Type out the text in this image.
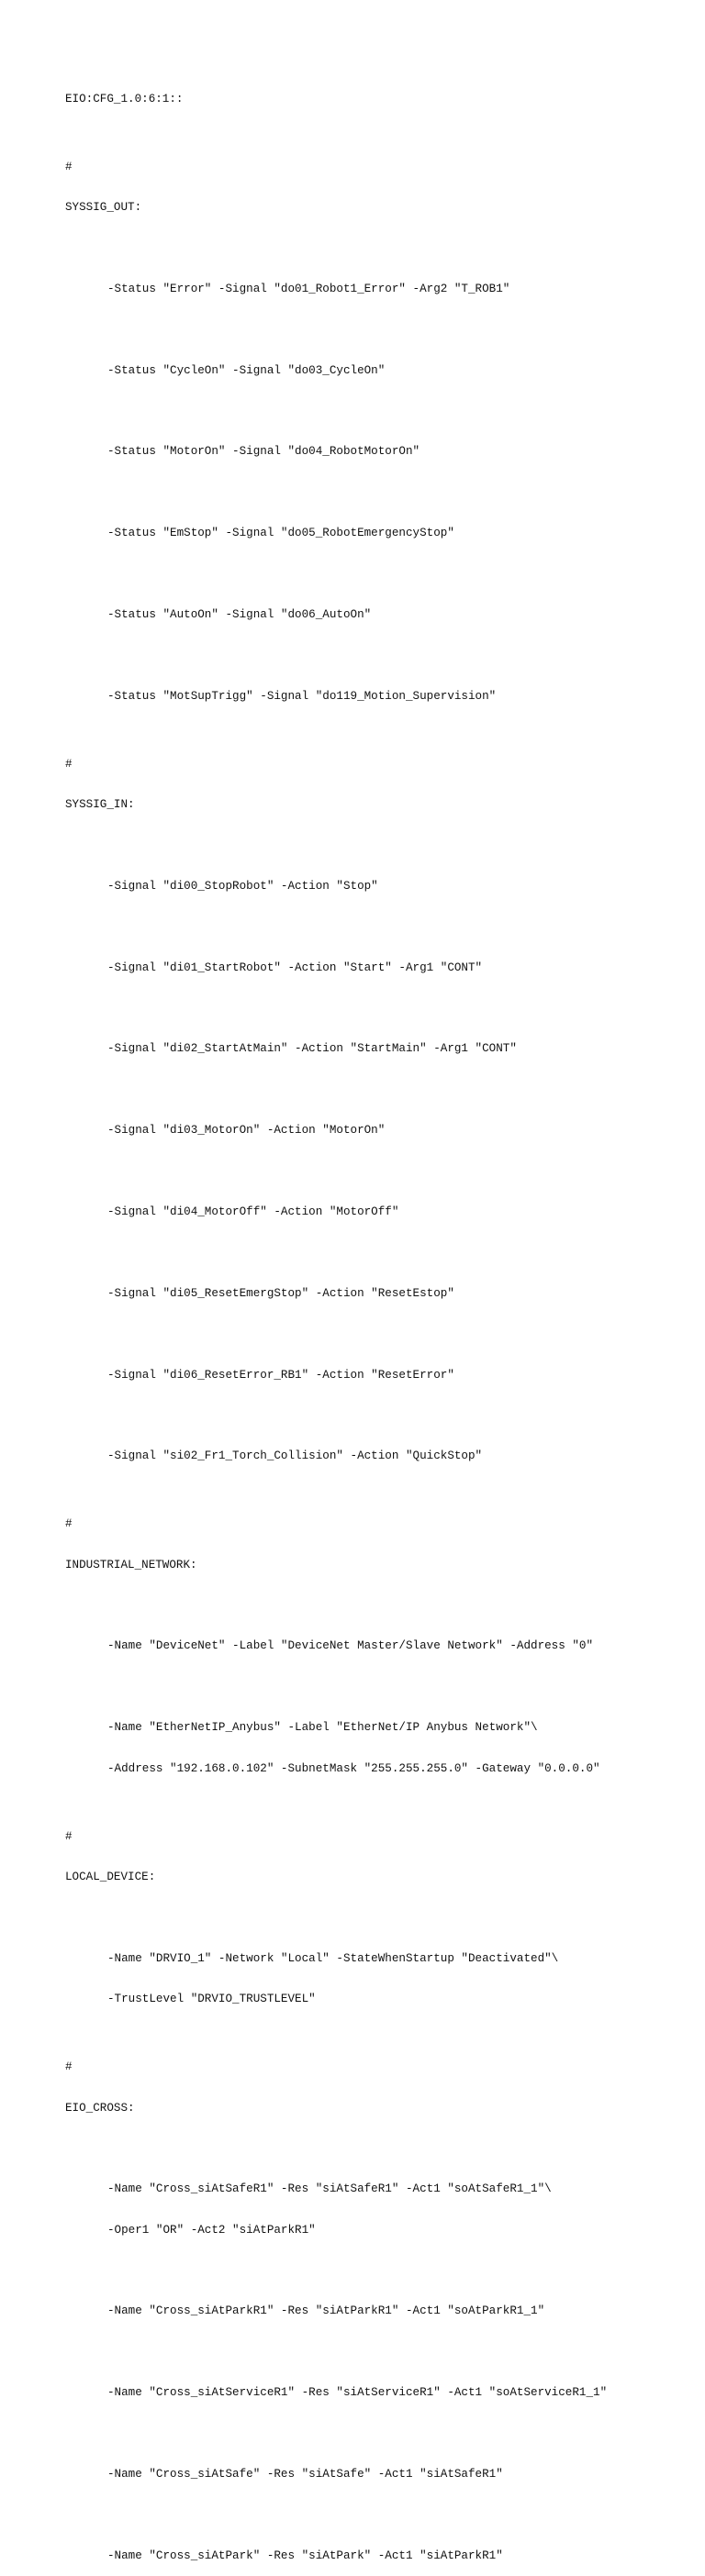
EIO:CFG_1.0:6:1::

#

SYSSIG_OUT:

-Status "Error" -Signal "do01_Robot1_Error" -Arg2 "T_ROB1"

-Status "CycleOn" -Signal "do03_CycleOn"

-Status "MotorOn" -Signal "do04_RobotMotorOn"

-Status "EmStop" -Signal "do05_RobotEmergencyStop"

-Status "AutoOn" -Signal "do06_AutoOn"

-Status "MotSupTrigg" -Signal "do119_Motion_Supervision"

#

SYSSIG_IN:

-Signal "di00_StopRobot" -Action "Stop"

-Signal "di01_StartRobot" -Action "Start" -Arg1 "CONT"

-Signal "di02_StartAtMain" -Action "StartMain" -Arg1 "CONT"

-Signal "di03_MotorOn" -Action "MotorOn"

-Signal "di04_MotorOff" -Action "MotorOff"

-Signal "di05_ResetEmergStop" -Action "ResetEstop"

-Signal "di06_ResetError_RB1" -Action "ResetError"

-Signal "si02_Fr1_Torch_Collision" -Action "QuickStop"

#

INDUSTRIAL_NETWORK:

-Name "DeviceNet" -Label "DeviceNet Master/Slave Network" -Address "0"

-Name "EtherNetIP_Anybus" -Label "EtherNet/IP Anybus Network"\

-Address "192.168.0.102" -SubnetMask "255.255.255.0" -Gateway "0.0.0.0"

#

LOCAL_DEVICE:

-Name "DRVIO_1" -Network "Local" -StateWhenStartup "Deactivated"\

-TrustLevel "DRVIO_TRUSTLEVEL"

#

EIO_CROSS:

-Name "Cross_siAtSafeR1" -Res "siAtSafeR1" -Act1 "soAtSafeR1_1"\

-Oper1 "OR" -Act2 "siAtParkR1"

-Name "Cross_siAtParkR1" -Res "siAtParkR1" -Act1 "soAtParkR1_1"

-Name "Cross_siAtServiceR1" -Res "siAtServiceR1" -Act1 "soAtServiceR1_1"

-Name "Cross_siAtSafe" -Res "siAtSafe" -Act1 "siAtSafeR1"

-Name "Cross_siAtPark" -Res "siAtPark" -Act1 "siAtParkR1"
